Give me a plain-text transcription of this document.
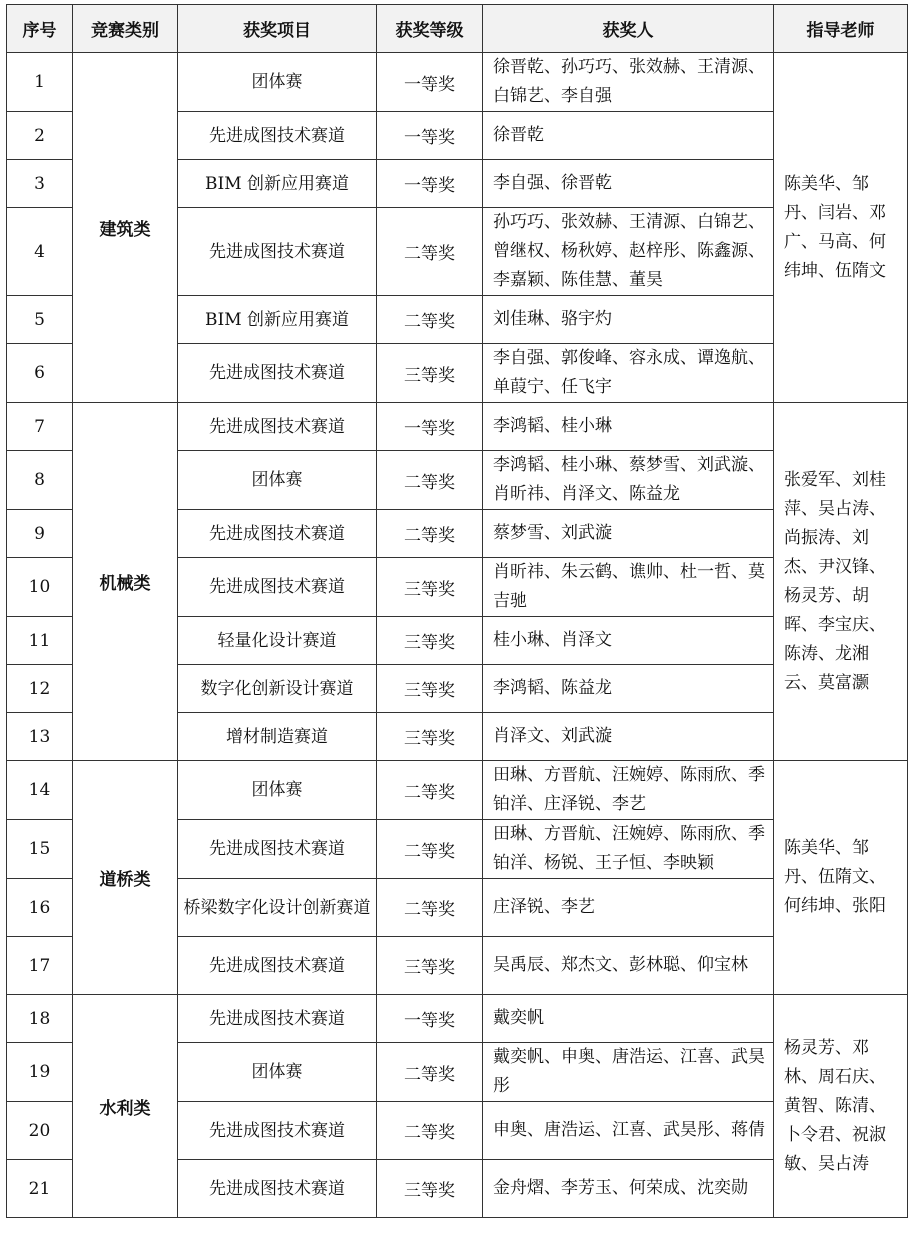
序号	竞赛类别	获奖项目	获奖等级	获奖人	指导老师
1	建筑类	团体赛	一等奖	徐晋乾、孙巧巧、张效赫、王清源、白锦艺、李自强	陈美华、邹丹、闫岩、邓广、马高、何纬坤、伍隋文
2		先进成图技术赛道	一等奖	徐晋乾	
3		BIM 创新应用赛道	一等奖	李自强、徐晋乾	
4		先进成图技术赛道	二等奖	孙巧巧、张效赫、王清源、白锦艺、曾继权、杨秋婷、赵梓彤、陈鑫源、李嘉颖、陈佳慧、董昊	
5		BIM 创新应用赛道	二等奖	刘佳琳、骆宇灼	
6		先进成图技术赛道	三等奖	李自强、郭俊峰、容永成、谭逸航、单葭宁、任飞宇	
7	机械类	先进成图技术赛道	一等奖	李鸿韬、桂小琳	张爱军、刘桂萍、吴占涛、尚振涛、刘杰、尹汉锋、杨灵芳、胡晖、李宝庆、陈涛、龙湘云、莫富灏
8		团体赛	二等奖	李鸿韬、桂小琳、蔡梦雪、刘武漩、肖昕祎、肖泽文、陈益龙	
9		先进成图技术赛道	二等奖	蔡梦雪、刘武漩	
10		先进成图技术赛道	三等奖	肖昕祎、朱云鹤、谯帅、杜一哲、莫吉驰	
11		轻量化设计赛道	三等奖	桂小琳、肖泽文	
12		数字化创新设计赛道	三等奖	李鸿韬、陈益龙	
13		增材制造赛道	三等奖	肖泽文、刘武漩	
14	道桥类	团体赛	二等奖	田琳、方晋航、汪婉婷、陈雨欣、季铂洋、庄泽锐、李艺	陈美华、邹丹、伍隋文、何纬坤、张阳
15		先进成图技术赛道	二等奖	田琳、方晋航、汪婉婷、陈雨欣、季铂洋、杨锐、王子恒、李映颖	
16		桥梁数字化设计创新赛道	二等奖	庄泽锐、李艺	
17		先进成图技术赛道	三等奖	吴禹辰、郑杰文、彭林聪、仰宝林	
18	水利类	先进成图技术赛道	一等奖	戴奕帆	杨灵芳、邓林、周石庆、黄智、陈清、卜令君、祝淑敏、吴占涛
19		团体赛	二等奖	戴奕帆、申奥、唐浩运、江喜、武昊彤	
20		先进成图技术赛道	二等奖	申奥、唐浩运、江喜、武昊彤、蒋倩	
21		先进成图技术赛道	三等奖	金舟熠、李芳玉、何荣成、沈奕勋	
